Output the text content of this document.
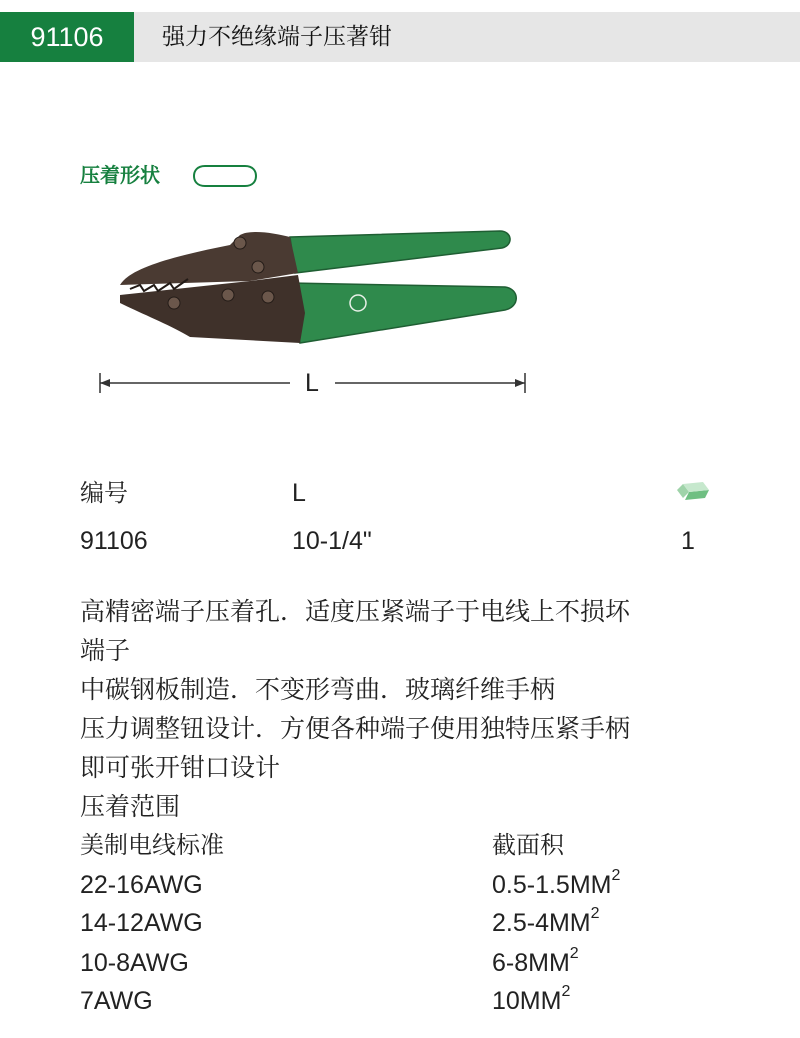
91106	强力不绝缘端子压著钳
压着形状
L
编号	L
91106	10-1/4"	1
高精密端子压着孔．适度压紧端子于电线上不损坏
端子
中碳钢板制造．不变形弯曲．玻璃纤维手柄
压力调整钮设计．方便各种端子使用独特压紧手柄
即可张开钳口设计
压着范围
美制电线标准	截面积
22-16AWG	$0.5-1.5MM^2$
14-12AWG	$2.5-4MM^2$
10-8AWG	$6-8MM^2$
7AWG	$10MM^2$
